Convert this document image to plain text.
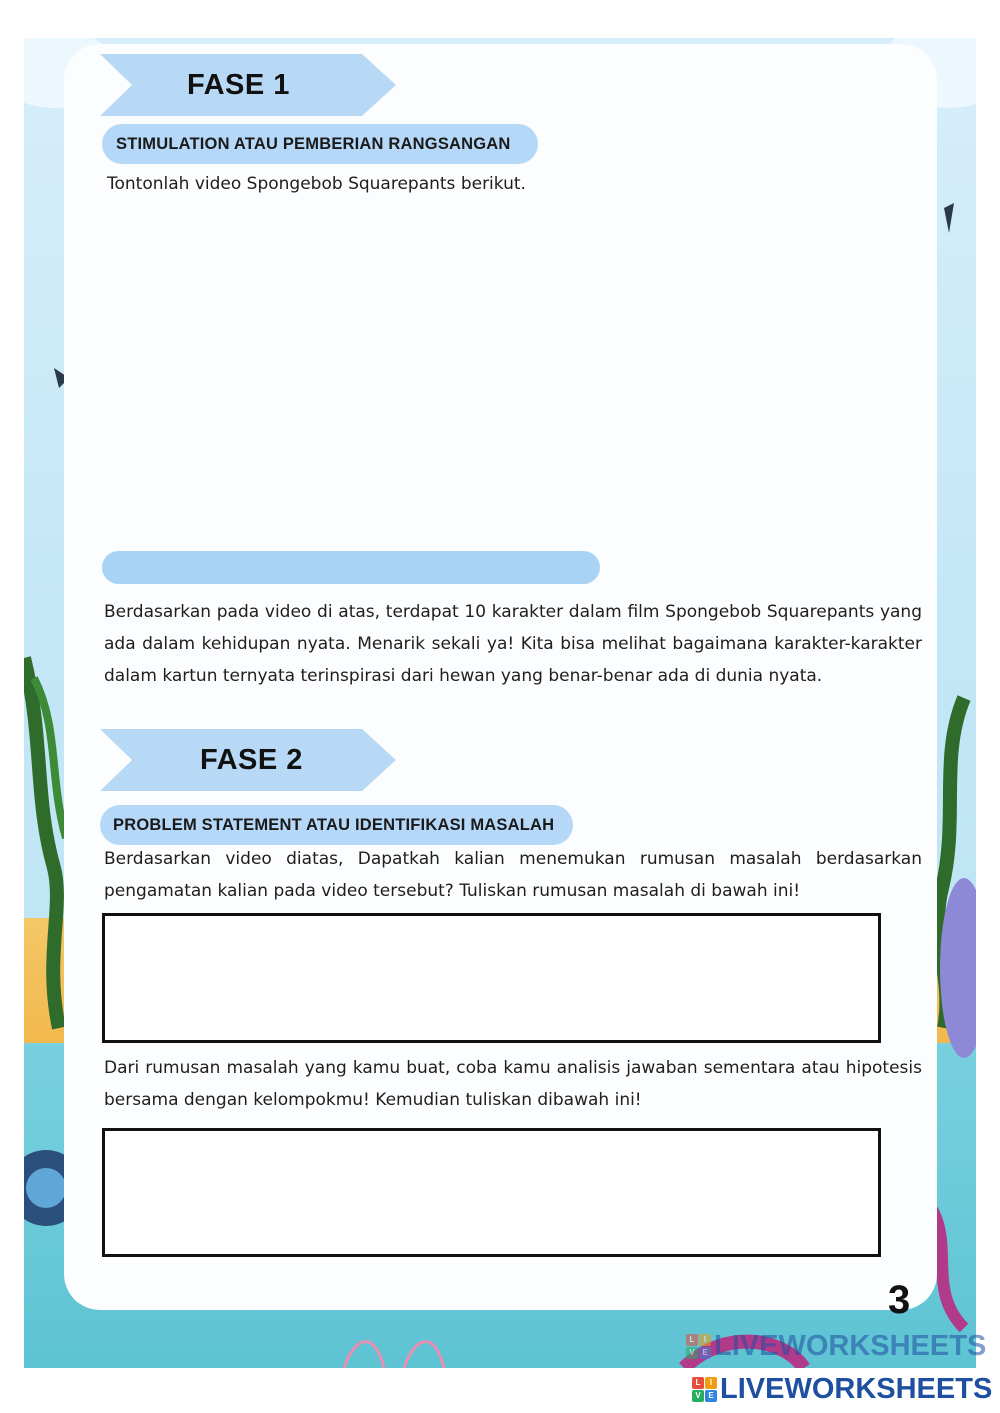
FASE 1
STIMULATION ATAU PEMBERIAN RANGSANGAN
Tontonlah video Spongebob Squarepants berikut.
Berdasarkan pada video di atas, terdapat 10 karakter dalam film Spongebob Squarepants yang ada dalam kehidupan nyata. Menarik sekali ya! Kita bisa melihat bagaimana karakter-karakter dalam kartun ternyata terinspirasi dari hewan yang benar-benar ada di dunia nyata.
FASE 2
PROBLEM STATEMENT ATAU IDENTIFIKASI MASALAH
Berdasarkan video diatas, Dapatkah kalian menemukan rumusan masalah berdasarkan pengamatan kalian pada video tersebut? Tuliskan rumusan masalah di bawah ini!
Dari rumusan masalah yang kamu buat, coba kamu analisis jawaban sementara atau hipotesis bersama dengan kelompokmu! Kemudian tuliskan dibawah ini!
3
L	I
V E LIVEWORKSHEETS
L	I
V E LIVEWORKSHEETS
